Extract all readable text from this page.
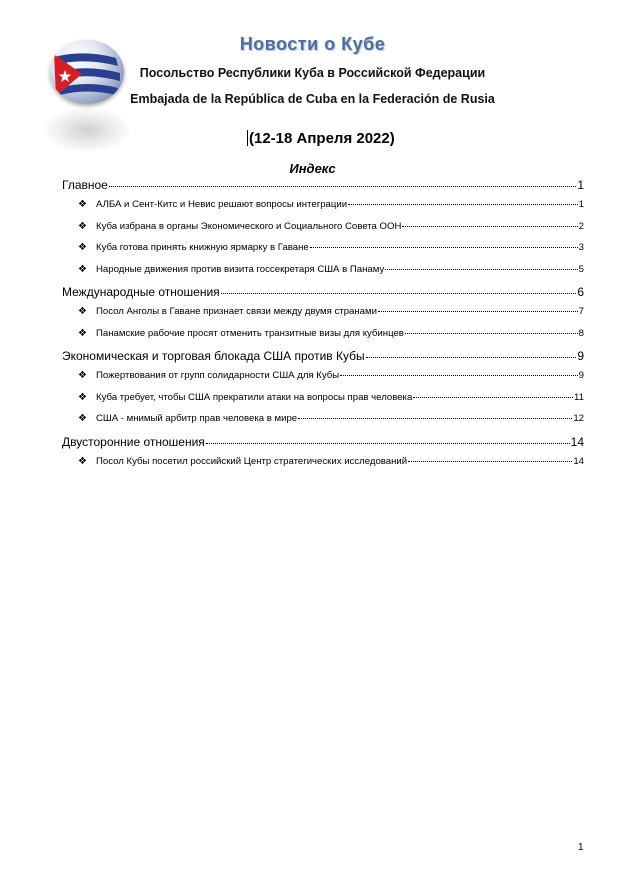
Новости о Кубе
Посольство Республики Куба в Российской Федерации
Embajada de la República de Cuba en la Federación de Rusia
(12-18 Апреля 2022)
Индекс
Главное	1
❖ АЛБА и Сент-Китс и Невис решают вопросы интеграции	1
❖ Куба избрана в органы Экономического и Социального Совета ООН	2
❖ Куба готова принять книжную ярмарку в Гаване	3
❖ Народные движения против визита госсекретаря США в Панаму	5
Международные отношения	6
❖ Посол Анголы в Гаване признает связи между двумя странами	7
❖ Панамские рабочие просят отменить транзитные визы для кубинцев	8
Экономическая и торговая блокада США против Кубы	9
❖ Пожертвования от групп солидарности США для Кубы	9
❖ Куба требует, чтобы США прекратили атаки на вопросы прав человека	11
❖ США - мнимый арбитр прав человека в мире	12
Двусторонние отношения	14
❖ Посол Кубы посетил российский Центр стратегических исследований	14
1
